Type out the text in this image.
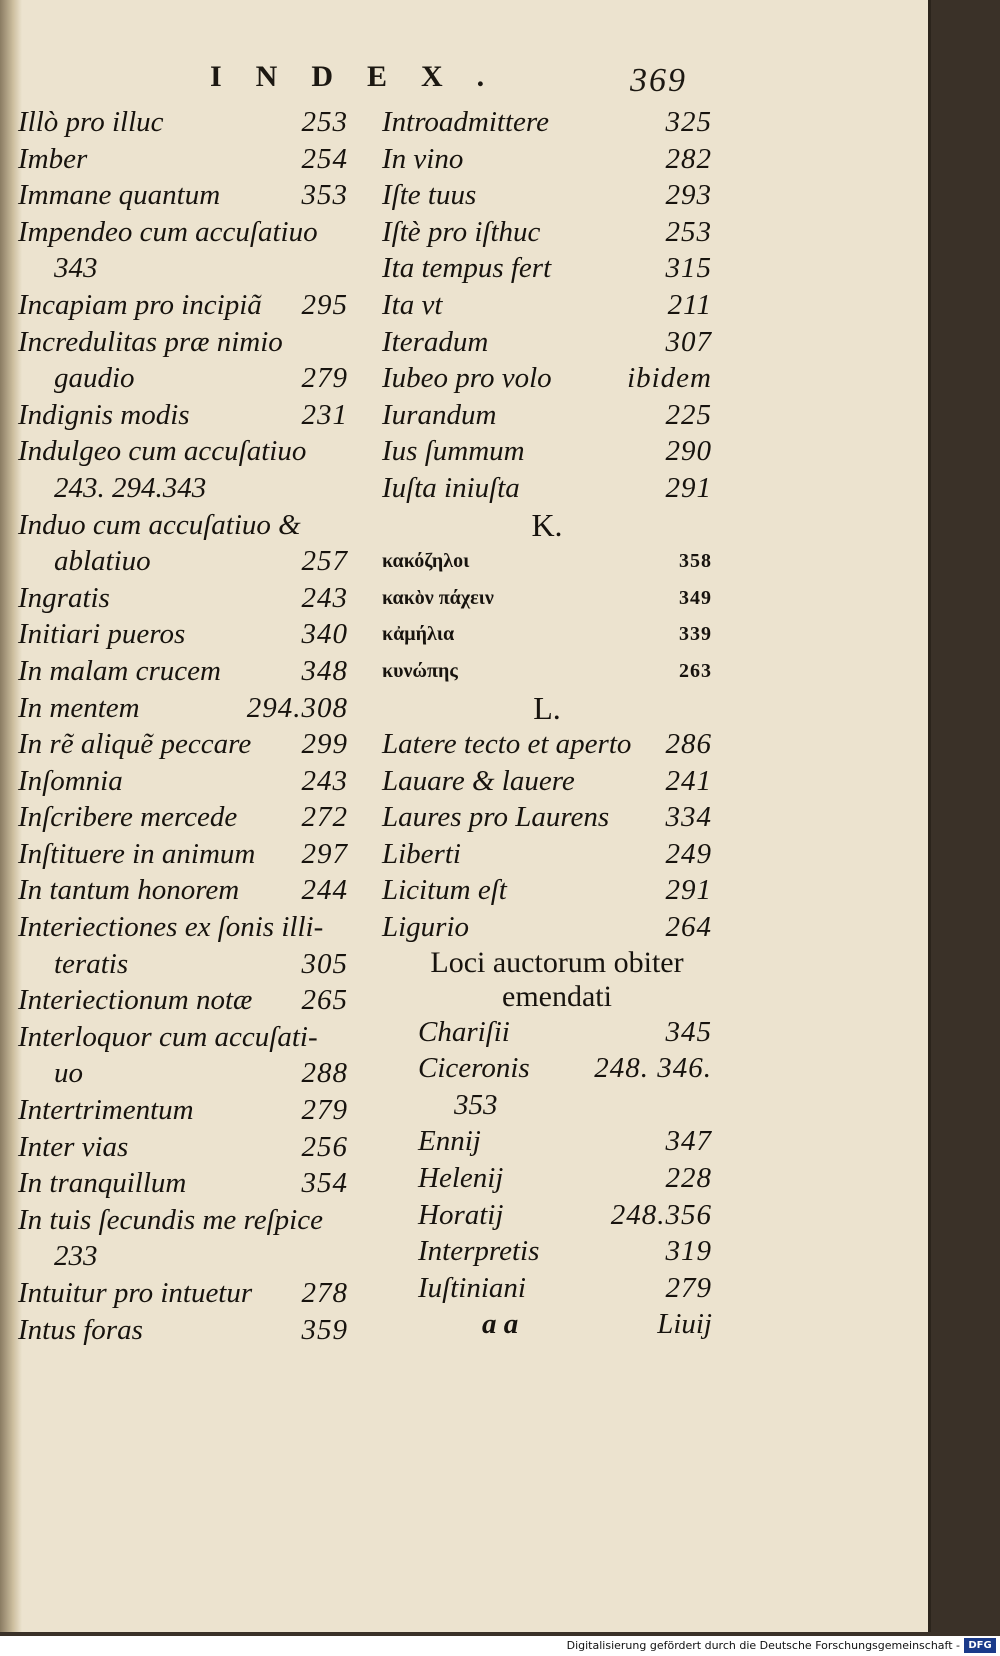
INDEX.	369
Illò pro illuc	253
Imber	254
Immane quantum	353
Impendeo cum accuſatiuo
343
Incapiam pro incipiã 295
Incredulitas præ nimio
gaudio	279
Indignis modis	231
Indulgeo cum accuſatiuo
243. 294.343
Induo cum accuſatiuo &
ablatiuo	257
Ingratis	243
Initiari pueros	340
In malam crucem	348
In mentem	294.308
In rẽ aliquẽ peccare 299
Inſomnia	243
Inſcribere mercede 272
Inſtituere in animum 297
In tantum honorem 244
Interiectiones ex ſonis illi-
teratis	305
Interiectionum notæ 265
Interloquor cum accuſati-
uo	288
Intertrimentum	279
Inter vias	256
In tranquillum	354
In tuis ſecundis me reſpice
233
Intuitur pro intuetur 278
Intus foras	359
Introadmittere	325
In vino	282
Iſte tuus	293
Iſtè pro iſthuc	253
Ita tempus fert	315
Ita vt	211
Iteradum	307
Iubeo pro volo	ibidem
Iurandum	225
Ius ſummum	290
Iuſta iniuſta	291
K.
κακόζηλοι	358
κακὸν πάχειν	349
κἀμήλια	339
κυνώπης	263
L.
Latere tecto et aperto 286
Lauare & lauere	241
Laures pro Laurens 334
Liberti	249
Licitum eſt	291
Ligurio	264
Loci auctorum obiter
emendati
Chariſii	345
Ciceronis 248. 346.
353
Ennij	347
Helenij	228
Horatij	248.356
Interpretis	319
Iuſtiniani	279
a a	Liuij
Digitalisierung gefördert durch die Deutsche Forschungsgemeinschaft - DFG
